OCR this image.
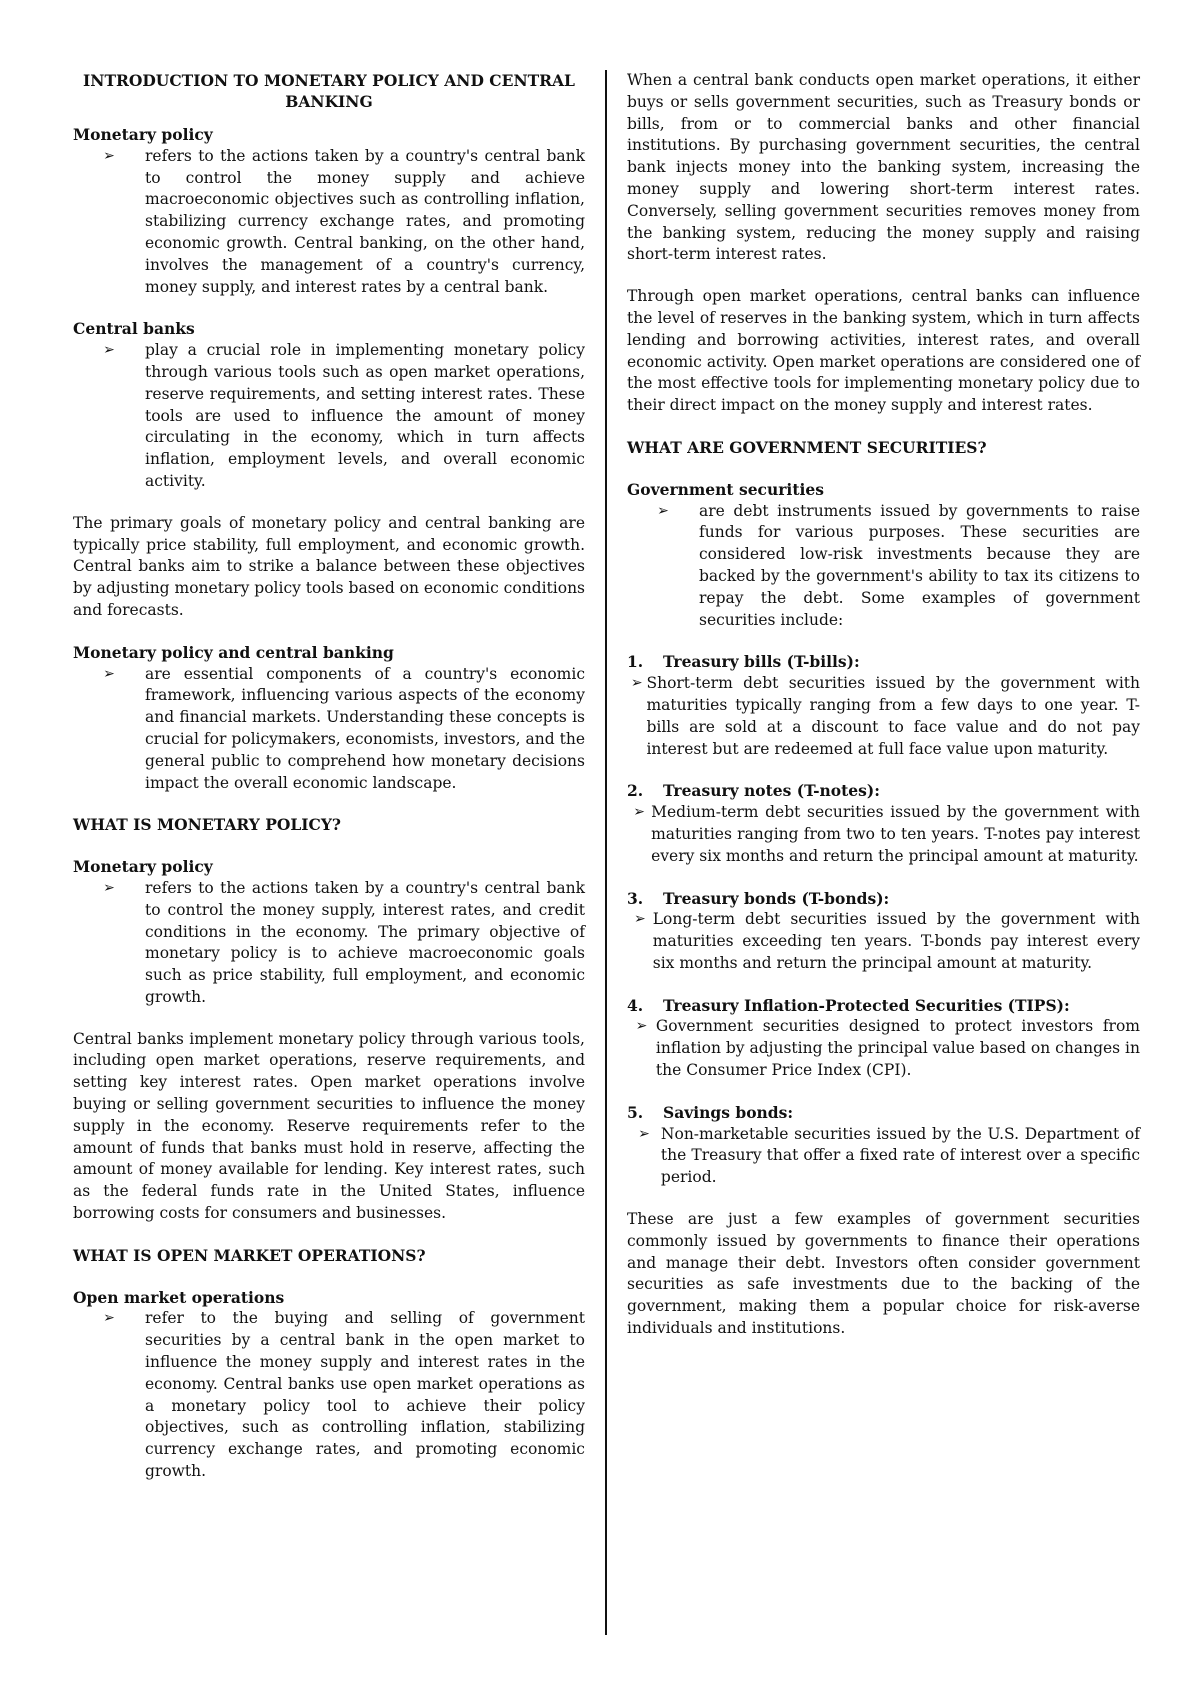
INTRODUCTION TO MONETARY POLICY AND CENTRAL BANKING
Monetary policy
➢	refers to the actions taken by a country's central bank to control the money supply and achieve macroeconomic objectives such as controlling inflation, stabilizing currency exchange rates, and promoting economic growth. Central banking, on the other hand, involves the management of a country's currency, money supply, and interest rates by a central bank.
Central banks
➢	play a crucial role in implementing monetary policy through various tools such as open market operations, reserve requirements, and setting interest rates. These tools are used to influence the amount of money circulating in the economy, which in turn affects inflation, employment levels, and overall economic activity.

The primary goals of monetary policy and central banking are typically price stability, full employment, and economic growth. Central banks aim to strike a balance between these objectives by adjusting monetary policy tools based on economic conditions and forecasts.

Monetary policy and central banking
➢	are essential components of a country's economic framework, influencing various aspects of the economy and financial markets. Understanding these concepts is crucial for policymakers, economists, investors, and the general public to comprehend how monetary decisions impact the overall economic landscape.
WHAT IS MONETARY POLICY?
Monetary policy
➢	refers to the actions taken by a country's central bank to control the money supply, interest rates, and credit conditions in the economy. The primary objective of monetary policy is to achieve macroeconomic goals such as price stability, full employment, and economic growth.

Central banks implement monetary policy through various tools, including open market operations, reserve requirements, and setting key interest rates. Open market operations involve buying or selling government securities to influence the money supply in the economy. Reserve requirements refer to the amount of funds that banks must hold in reserve, affecting the amount of money available for lending. Key interest rates, such as the federal funds rate in the United States, influence borrowing costs for consumers and businesses.

WHAT IS OPEN MARKET OPERATIONS?
Open market operations
➢	refer to the buying and selling of government securities by a central bank in the open market to influence the money supply and interest rates in the economy. Central banks use open market operations as a monetary policy tool to achieve their policy objectives, such as controlling inflation, stabilizing currency exchange rates, and promoting economic growth.

When a central bank conducts open market operations, it either buys or sells government securities, such as Treasury bonds or bills, from or to commercial banks and other financial institutions. By purchasing government securities, the central bank injects money into the banking system, increasing the money supply and lowering short-term interest rates. Conversely, selling government securities removes money from the banking system, reducing the money supply and raising short-term interest rates.

Through open market operations, central banks can influence the level of reserves in the banking system, which in turn affects lending and borrowing activities, interest rates, and overall economic activity. Open market operations are considered one of the most effective tools for implementing monetary policy due to their direct impact on the money supply and interest rates.

WHAT ARE GOVERNMENT SECURITIES?
Government securities
➢	are debt instruments issued by governments to raise funds for various purposes. These securities are considered low-risk investments because they are backed by the government's ability to tax its citizens to repay the debt. Some examples of government securities include:
1.	Treasury bills (T-bills):
➢ Short-term debt securities issued by the government with maturities typically ranging from a few days to one year. T-bills are sold at a discount to face value and do not pay interest but are redeemed at full face value upon maturity.
2.	Treasury notes (T-notes):
➢ Medium-term debt securities issued by the government with maturities ranging from two to ten years. T-notes pay interest every six months and return the principal amount at maturity.
3.	Treasury bonds (T-bonds):
➢ Long-term debt securities issued by the government with maturities exceeding ten years. T-bonds pay interest every six months and return the principal amount at maturity.
4.	Treasury Inflation-Protected Securities (TIPS):
➢ Government securities designed to protect investors from inflation by adjusting the principal value based on changes in the Consumer Price Index (CPI).
5.	Savings bonds:
➢ Non-marketable securities issued by the U.S. Department of the Treasury that offer a fixed rate of interest over a specific period.

These are just a few examples of government securities commonly issued by governments to finance their operations and manage their debt. Investors often consider government securities as safe investments due to the backing of the government, making them a popular choice for risk-averse individuals and institutions.
